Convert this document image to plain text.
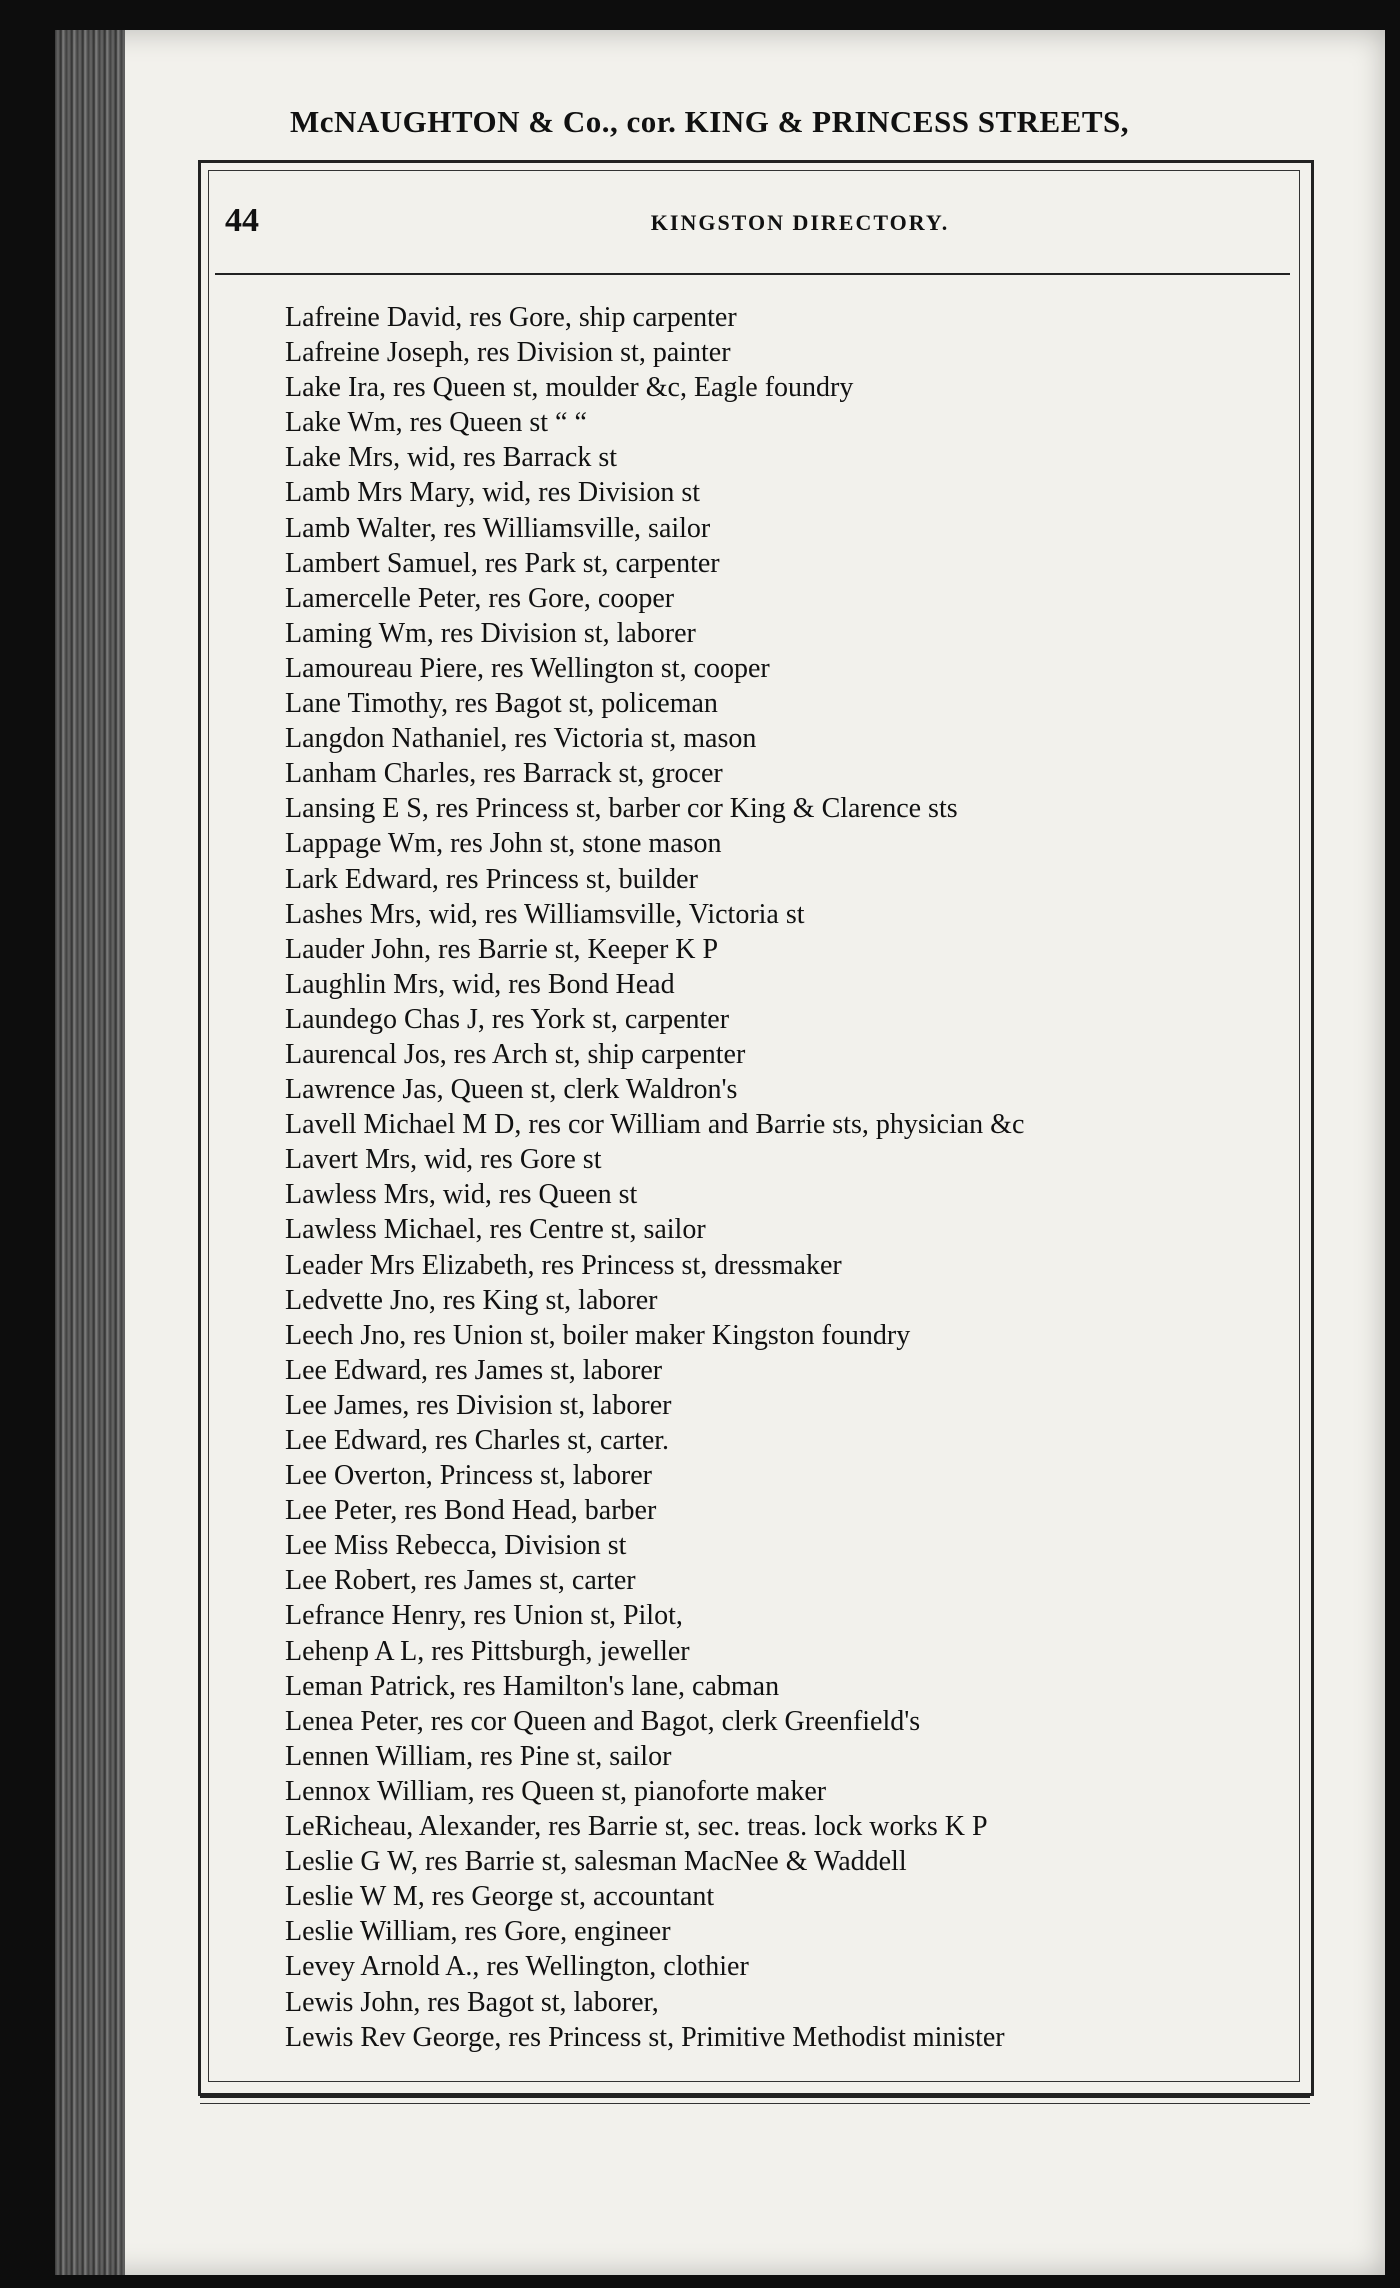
McNAUGHTON & Co., cor. KING & PRINCESS STREETS,
44	KINGSTON DIRECTORY.
Lafreine David, res Gore, ship carpenter
Lafreine Joseph, res Division st, painter
Lake Ira, res Queen st, moulder &c, Eagle foundry
Lake Wm, res Queen st “ “
Lake Mrs, wid, res Barrack st
Lamb Mrs Mary, wid, res Division st
Lamb Walter, res Williamsville, sailor
Lambert Samuel, res Park st, carpenter
Lamercelle Peter, res Gore, cooper
Laming Wm, res Division st, laborer
Lamoureau Piere, res Wellington st, cooper
Lane Timothy, res Bagot st, policeman
Langdon Nathaniel, res Victoria st, mason
Lanham Charles, res Barrack st, grocer
Lansing E S, res Princess st, barber cor King & Clarence sts
Lappage Wm, res John st, stone mason
Lark Edward, res Princess st, builder
Lashes Mrs, wid, res Williamsville, Victoria st
Lauder John, res Barrie st, Keeper K P
Laughlin Mrs, wid, res Bond Head
Laundego Chas J, res York st, carpenter
Laurencal Jos, res Arch st, ship carpenter
Lawrence Jas, Queen st, clerk Waldron's
Lavell Michael M D, res cor William and Barrie sts, physician &c
Lavert Mrs, wid, res Gore st
Lawless Mrs, wid, res Queen st
Lawless Michael, res Centre st, sailor
Leader Mrs Elizabeth, res Princess st, dressmaker
Ledvette Jno, res King st, laborer
Leech Jno, res Union st, boiler maker Kingston foundry
Lee Edward, res James st, laborer
Lee James, res Division st, laborer
Lee Edward, res Charles st, carter.
Lee Overton, Princess st, laborer
Lee Peter, res Bond Head, barber
Lee Miss Rebecca, Division st
Lee Robert, res James st, carter
Lefrance Henry, res Union st, Pilot,
Lehenp A L, res Pittsburgh, jeweller
Leman Patrick, res Hamilton's lane, cabman
Lenea Peter, res cor Queen and Bagot, clerk Greenfield's
Lennen William, res Pine st, sailor
Lennox William, res Queen st, pianoforte maker
LeRicheau, Alexander, res Barrie st, sec. treas. lock works K P
Leslie G W, res Barrie st, salesman MacNee & Waddell
Leslie W M, res George st, accountant
Leslie William, res Gore, engineer
Levey Arnold A., res Wellington, clothier
Lewis John, res Bagot st, laborer,
Lewis Rev George, res Princess st, Primitive Methodist minister
